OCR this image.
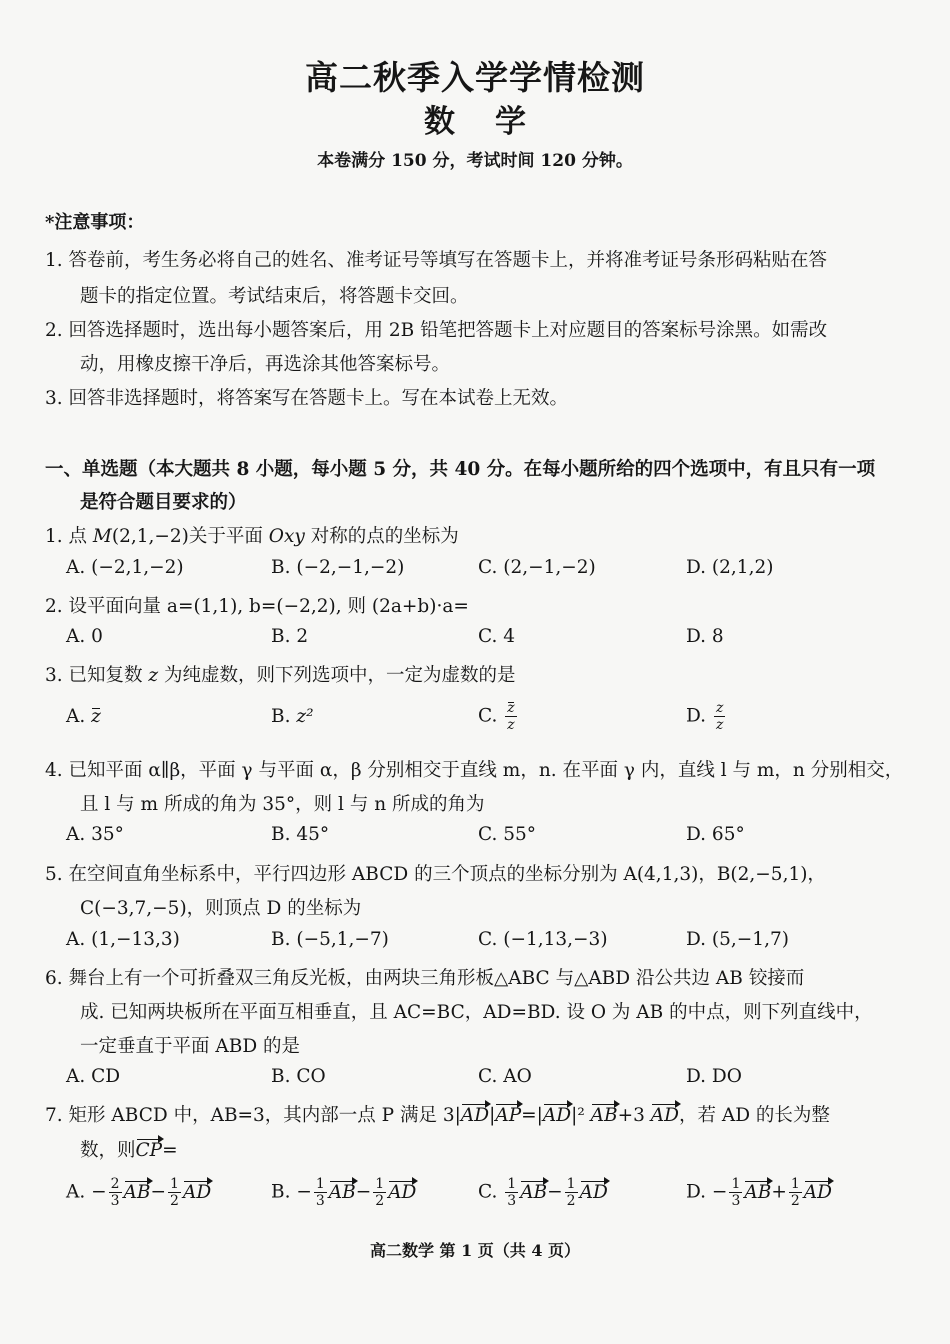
高二秋季入学学情检测
数学
本卷满分 150 分，考试时间 120 分钟。
*注意事项：
1. 答卷前，考生务必将自己的姓名、准考证号等填写在答题卡上，并将准考证号条形码粘贴在答
题卡的指定位置。考试结束后，将答题卡交回。
2. 回答选择题时，选出每小题答案后，用 2B 铅笔把答题卡上对应题目的答案标号涂黑。如需改
动，用橡皮擦干净后，再选涂其他答案标号。
3. 回答非选择题时，将答案写在答题卡上。写在本试卷上无效。
一、单选题（本大题共 8 小题，每小题 5 分，共 40 分。在每小题所给的四个选项中，有且只有一项
是符合题目要求的）
1. 点 M(2,1,−2)关于平面 Oxy 对称的点的坐标为
A. (−2,1,−2)	B. (−2,−1,−2)	C. (2,−1,−2)	D. (2,1,2)
2. 设平面向量 a=(1,1), b=(−2,2), 则 (2a+b)·a=
A. 0	B. 2	C. 4	D. 8
3. 已知复数 z 为纯虚数，则下列选项中，一定为虚数的是
A. z	B. z²	C. $\frac{z}{z}$	D. $\frac{z}{z}$
4. 已知平面 α∥β，平面 γ 与平面 α，β 分别相交于直线 m，n. 在平面 γ 内，直线 l 与 m，n 分别相交，
且 l 与 m 所成的角为 35°，则 l 与 n 所成的角为
A. 35°	B. 45°	C. 55°	D. 65°
5. 在空间直角坐标系中，平行四边形 ABCD 的三个顶点的坐标分别为 A(4,1,3)，B(2,−5,1)，
C(−3,7,−5)，则顶点 D 的坐标为
A. (1,−13,3)	B. (−5,1,−7)	C. (−1,13,−3)	D. (5,−1,7)
6. 舞台上有一个可折叠双三角反光板，由两块三角形板△ABC 与△ABD 沿公共边 AB 铰接而
成. 已知两块板所在平面互相垂直，且 AC=BC，AD=BD. 设 O 为 AB 的中点，则下列直线中，
一定垂直于平面 ABD 的是
A. CD	B. CO	C. AO	D. DO
7. 矩形 ABCD 中，AB=3，其内部一点 P 满足 3|AD|AP=|AD|² AB+3 AD，若 AD 的长为整
数，则CP=
A. − $\frac{2}{3} AB- \frac{1}{2}$ AD	B. − $\frac{1}{3} AB- \frac{1}{2}$ AD	C. $\frac{1}{3} AB- \frac{1}{2}$ AD	D. − $\frac{1}{3} AB+ \frac{1}{2}$ AD
高二数学 第 1 页（共 4 页）
